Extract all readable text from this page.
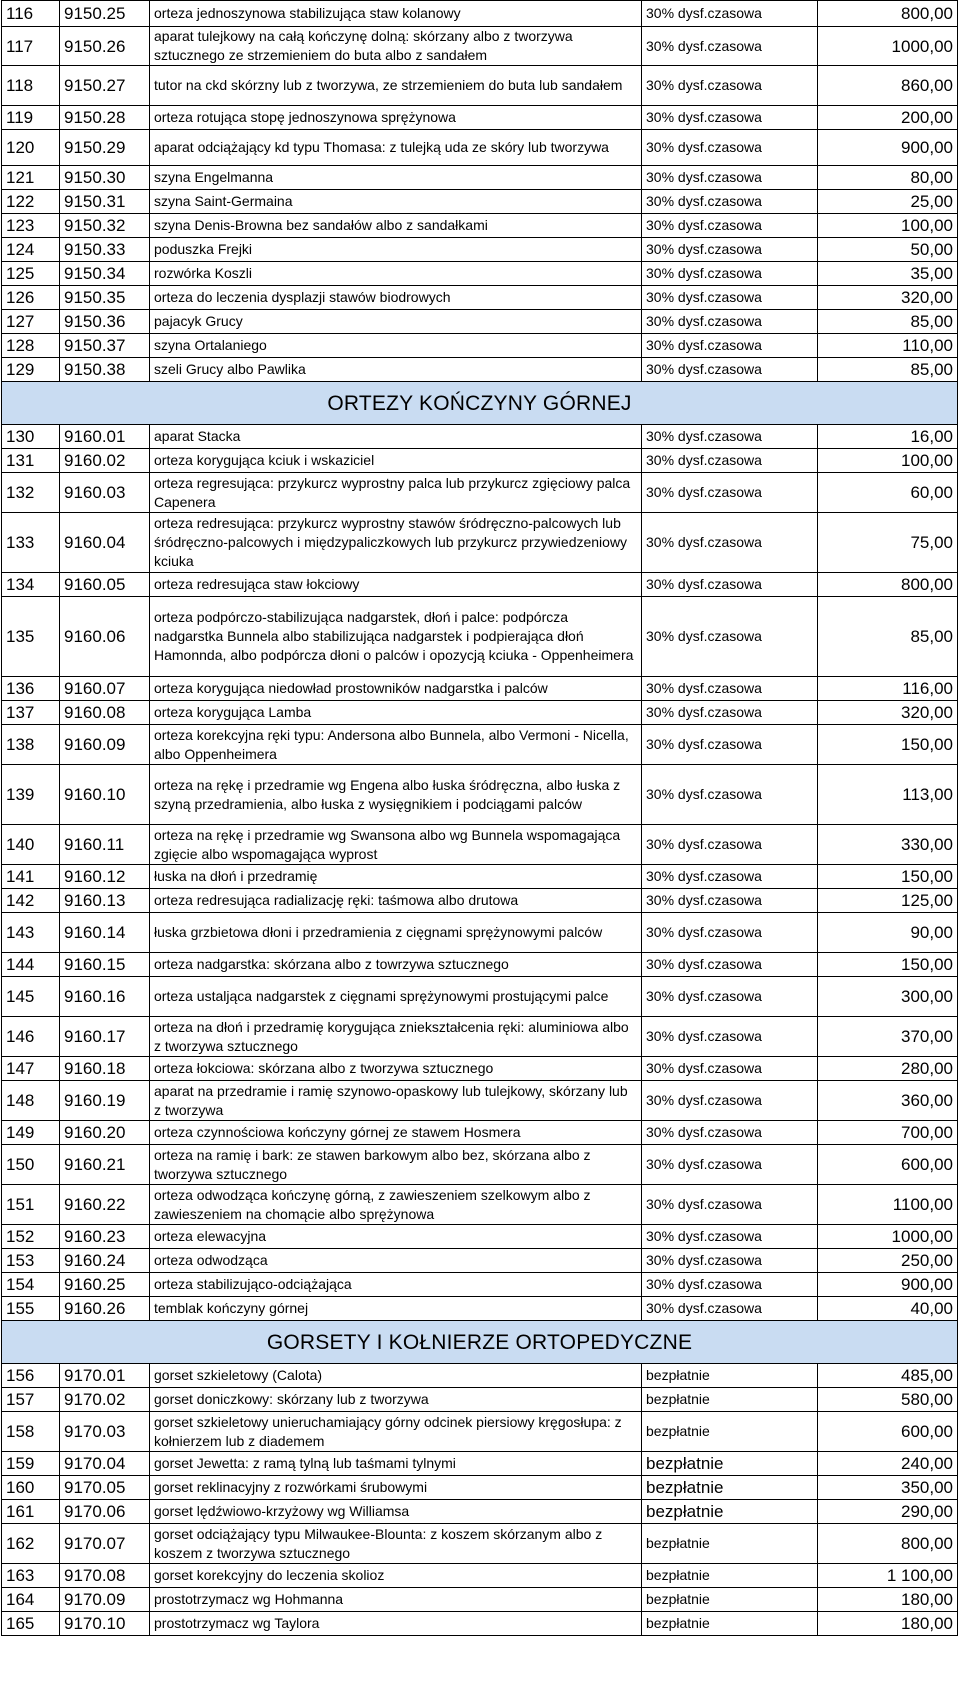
116	9150.25	orteza jednoszynowa stabilizująca staw kolanowy	30% dysf.czasowa	800,00
117	9150.26	aparat tulejkowy na całą kończynę dolną: skórzany albo z tworzywa sztucznego ze strzemieniem do buta albo z sandałem	30% dysf.czasowa	1000,00
118	9150.27	tutor na ckd skórzny lub z tworzywa, ze strzemieniem do buta lub sandałem	30% dysf.czasowa	860,00
119	9150.28	orteza rotująca stopę jednoszynowa sprężynowa	30% dysf.czasowa	200,00
120	9150.29	aparat odciążający kd typu Thomasa: z tulejką uda ze skóry lub tworzywa	30% dysf.czasowa	900,00
121	9150.30	szyna Engelmanna	30% dysf.czasowa	80,00
122	9150.31	szyna Saint-Germaina	30% dysf.czasowa	25,00
123	9150.32	szyna Denis-Browna bez sandałów albo z sandałkami	30% dysf.czasowa	100,00
124	9150.33	poduszka Frejki	30% dysf.czasowa	50,00
125	9150.34	rozwórka Koszli	30% dysf.czasowa	35,00
126	9150.35	orteza do leczenia dysplazji stawów biodrowych	30% dysf.czasowa	320,00
127	9150.36	pajacyk Grucy	30% dysf.czasowa	85,00
128	9150.37	szyna Ortalaniego	30% dysf.czasowa	110,00
129	9150.38	szeli Grucy albo Pawlika	30% dysf.czasowa	85,00
ORTEZY KOŃCZYNY GÓRNEJ				
130	9160.01	aparat Stacka	30% dysf.czasowa	16,00
131	9160.02	orteza korygująca kciuk i wskaziciel	30% dysf.czasowa	100,00
132	9160.03	orteza regresująca: przykurcz wyprostny palca lub przykurcz zgięciowy palca Capenera	30% dysf.czasowa	60,00
133	9160.04	orteza redresująca: przykurcz wyprostny stawów śródręczno-palcowych lub śródręczno-palcowych i międzypaliczkowych lub przykurcz przywiedzeniowy kciuka	30% dysf.czasowa	75,00
134	9160.05	orteza redresująca staw łokciowy	30% dysf.czasowa	800,00
135	9160.06	orteza podpórczo-stabilizująca nadgarstek, dłoń i palce: podpórcza nadgarstka Bunnela albo stabilizująca nadgarstek i podpierająca dłoń Hamonnda, albo podpórcza dłoni o palców i opozycją kciuka - Oppenheimera	30% dysf.czasowa	85,00
136	9160.07	orteza korygująca niedowład prostowników nadgarstka i palców	30% dysf.czasowa	116,00
137	9160.08	orteza korygująca Lamba	30% dysf.czasowa	320,00
138	9160.09	orteza korekcyjna ręki typu: Andersona albo Bunnela, albo Vermoni - Nicella, albo Oppenheimera	30% dysf.czasowa	150,00
139	9160.10	orteza na rękę i przedramie wg Engena albo łuska śródręczna, albo łuska z szyną przedramienia, albo łuska z wysięgnikiem i podciągami palców	30% dysf.czasowa	113,00
140	9160.11	orteza na rękę i przedramie wg Swansona albo wg Bunnela wspomagająca zgięcie albo wspomagająca wyprost	30% dysf.czasowa	330,00
141	9160.12	łuska na dłoń i przedramię	30% dysf.czasowa	150,00
142	9160.13	orteza redresująca radializację ręki: taśmowa albo drutowa	30% dysf.czasowa	125,00
143	9160.14	łuska grzbietowa dłoni i przedramienia z cięgnami sprężynowymi palców	30% dysf.czasowa	90,00
144	9160.15	orteza nadgarstka: skórzana albo z towrzywa sztucznego	30% dysf.czasowa	150,00
145	9160.16	orteza ustaljąca nadgarstek z cięgnami sprężynowymi prostującymi palce	30% dysf.czasowa	300,00
146	9160.17	orteza na dłoń i przedramię korygująca zniekształcenia ręki: aluminiowa albo z tworzywa sztucznego	30% dysf.czasowa	370,00
147	9160.18	orteza łokciowa: skórzana albo z tworzywa sztucznego	30% dysf.czasowa	280,00
148	9160.19	aparat na przedramie i ramię szynowo-opaskowy lub tulejkowy, skórzany lub z tworzywa	30% dysf.czasowa	360,00
149	9160.20	orteza czynnościowa kończyny górnej ze stawem Hosmera	30% dysf.czasowa	700,00
150	9160.21	orteza na ramię i bark: ze stawen barkowym albo bez, skórzana albo z tworzywa sztucznego	30% dysf.czasowa	600,00
151	9160.22	orteza odwodząca kończynę górną, z zawieszeniem szelkowym albo z zawieszeniem na chomącie albo sprężynowa	30% dysf.czasowa	1100,00
152	9160.23	orteza elewacyjna	30% dysf.czasowa	1000,00
153	9160.24	orteza odwodząca	30% dysf.czasowa	250,00
154	9160.25	orteza stabilizująco-odciążająca	30% dysf.czasowa	900,00
155	9160.26	temblak kończyny górnej	30% dysf.czasowa	40,00
GORSETY I KOŁNIERZE ORTOPEDYCZNE				
156	9170.01	gorset szkieletowy (Calota)	bezpłatnie	485,00
157	9170.02	gorset doniczkowy: skórzany lub z tworzywa	bezpłatnie	580,00
158	9170.03	gorset szkieletowy unieruchamiający górny odcinek piersiowy kręgosłupa: z kołnierzem lub z diademem	bezpłatnie	600,00
159	9170.04	gorset Jewetta: z ramą tylną lub taśmami tylnymi	bezpłatnie	240,00
160	9170.05	gorset reklinacyjny z rozwórkami śrubowymi	bezpłatnie	350,00
161	9170.06	gorset lędźwiowo-krzyżowy wg Williamsa	bezpłatnie	290,00
162	9170.07	gorset odciążający typu Milwaukee-Blounta: z koszem skórzanym albo z koszem z tworzywa sztucznego	bezpłatnie	800,00
163	9170.08	gorset korekcyjny do leczenia skolioz	bezpłatnie	1 100,00
164	9170.09	prostotrzymacz wg Hohmanna	bezpłatnie	180,00
165	9170.10	prostotrzymacz wg Taylora	bezpłatnie	180,00
